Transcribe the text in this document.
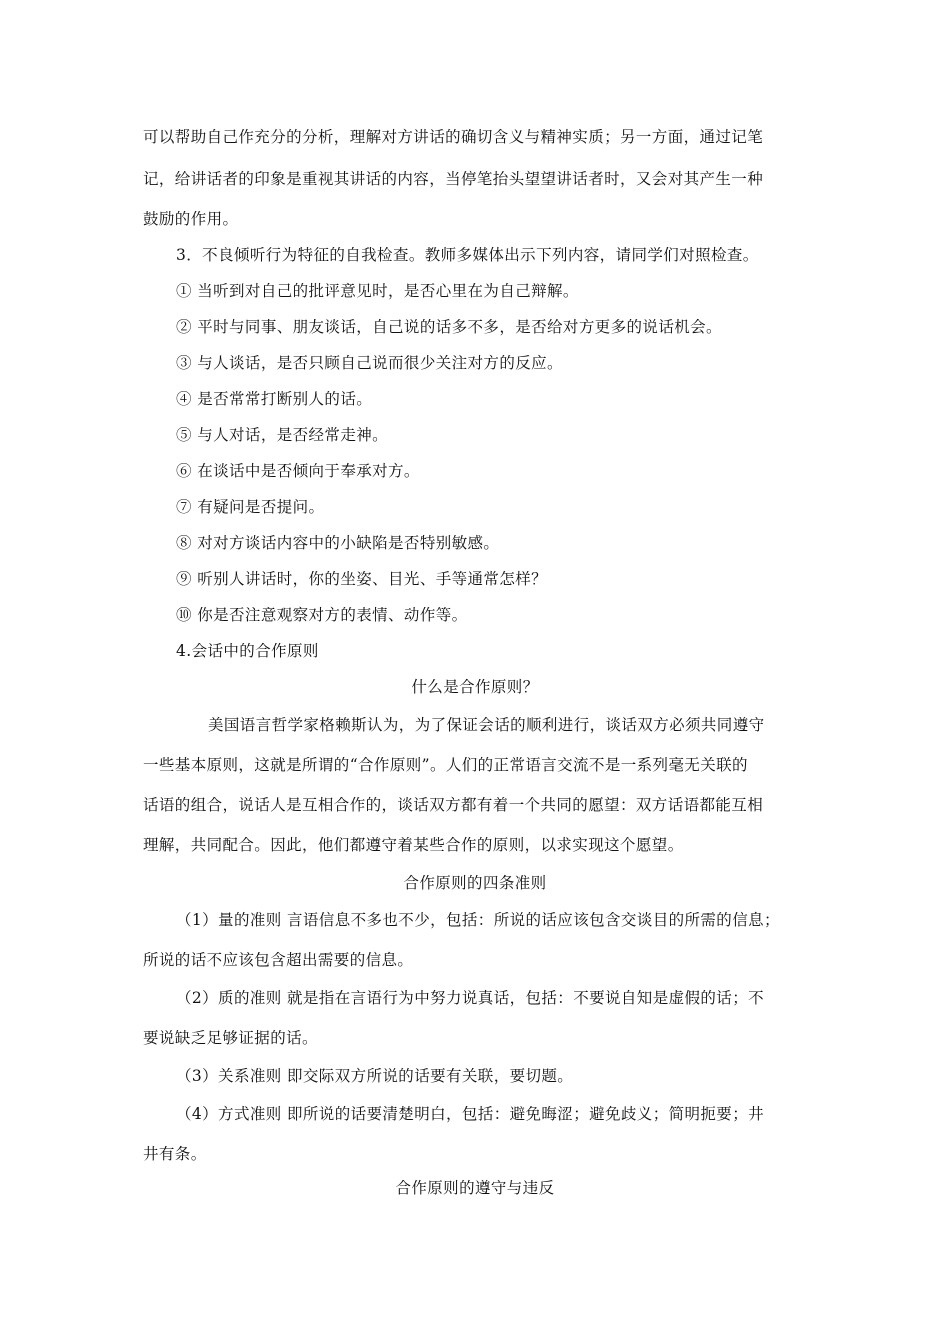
可以帮助自己作充分的分析，理解对方讲话的确切含义与精神实质；另一方面，通过记笔
记，给讲话者的印象是重视其讲话的内容，当停笔抬头望望讲话者时，又会对其产生一种
鼓励的作用。
3．不良倾听行为特征的自我检查。教师多媒体出示下列内容，请同学们对照检查。
① 当听到对自己的批评意见时，是否心里在为自己辩解。
② 平时与同事、朋友谈话，自己说的话多不多，是否给对方更多的说话机会。
③ 与人谈话，是否只顾自己说而很少关注对方的反应。
④ 是否常常打断别人的话。
⑤ 与人对话，是否经常走神。
⑥ 在谈话中是否倾向于奉承对方。
⑦ 有疑问是否提问。
⑧ 对对方谈话内容中的小缺陷是否特别敏感。
⑨ 听别人讲话时，你的坐姿、目光、手等通常怎样？
⑩ 你是否注意观察对方的表情、动作等。
4.会话中的合作原则
什么是合作原则？
美国语言哲学家格赖斯认为，为了保证会话的顺利进行，谈话双方必须共同遵守
一些基本原则，这就是所谓的“合作原则”。人们的正常语言交流不是一系列毫无关联的
话语的组合，说话人是互相合作的，谈话双方都有着一个共同的愿望：双方话语都能互相
理解，共同配合。因此，他们都遵守着某些合作的原则，以求实现这个愿望。
合作原则的四条准则
（1）量的准则 言语信息不多也不少，包括：所说的话应该包含交谈目的所需的信息；
所说的话不应该包含超出需要的信息。
（2）质的准则 就是指在言语行为中努力说真话，包括：不要说自知是虚假的话；不
要说缺乏足够证据的话。
（3）关系准则 即交际双方所说的话要有关联，要切题。
（4）方式准则 即所说的话要清楚明白，包括：避免晦涩；避免歧义；简明扼要；井
井有条。
合作原则的遵守与违反
